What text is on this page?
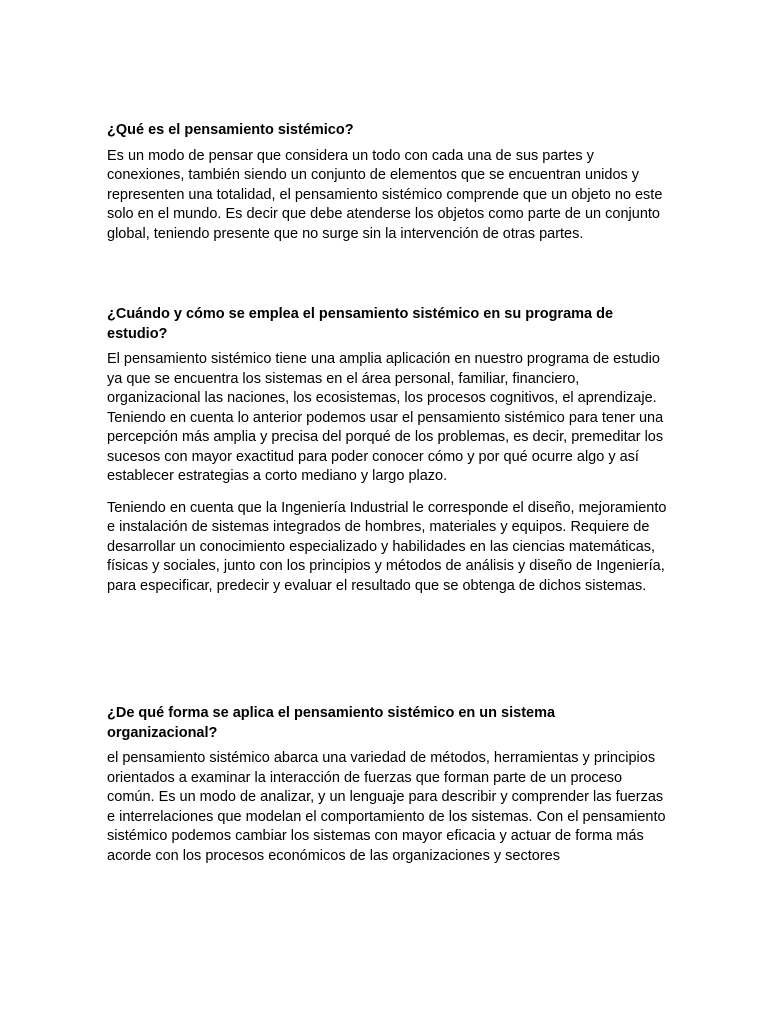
¿Qué es el pensamiento sistémico?

Es un modo de pensar que considera un todo con cada una de sus partes y conexiones, también siendo un conjunto de elementos que se encuentran unidos y representen una totalidad, el pensamiento sistémico comprende que un objeto no este solo en el mundo. Es decir que debe atenderse los objetos como parte de un conjunto global, teniendo presente que no surge sin la intervención de otras partes.

¿Cuándo y cómo se emplea el pensamiento sistémico en su programa de estudio?

El pensamiento sistémico tiene una amplia aplicación en nuestro programa de estudio ya que se encuentra los sistemas en el área personal, familiar, financiero, organizacional las naciones, los ecosistemas, los procesos cognitivos, el aprendizaje. Teniendo en cuenta lo anterior podemos usar el pensamiento sistémico para tener una percepción más amplia y precisa del porqué de los problemas, es decir, premeditar los sucesos con mayor exactitud para poder conocer cómo y por qué ocurre algo y así establecer estrategias a corto mediano y largo plazo.

Teniendo en cuenta que la Ingeniería Industrial le corresponde el diseño, mejoramiento e instalación de sistemas integrados de hombres, materiales y equipos. Requiere de desarrollar un conocimiento especializado y habilidades en las ciencias matemáticas, físicas y sociales, junto con los principios y métodos de análisis y diseño de Ingeniería, para especificar, predecir y evaluar el resultado que se obtenga de dichos sistemas.

¿De qué forma se aplica el pensamiento sistémico en un sistema organizacional?

el pensamiento sistémico abarca una variedad de métodos, herramientas y principios orientados a examinar la interacción de fuerzas que forman parte de un proceso común. Es un modo de analizar, y un lenguaje para describir y comprender las fuerzas e interrelaciones que modelan el comportamiento de los sistemas. Con el pensamiento sistémico podemos cambiar los sistemas con mayor eficacia y actuar de forma más acorde con los procesos económicos de las organizaciones y sectores
